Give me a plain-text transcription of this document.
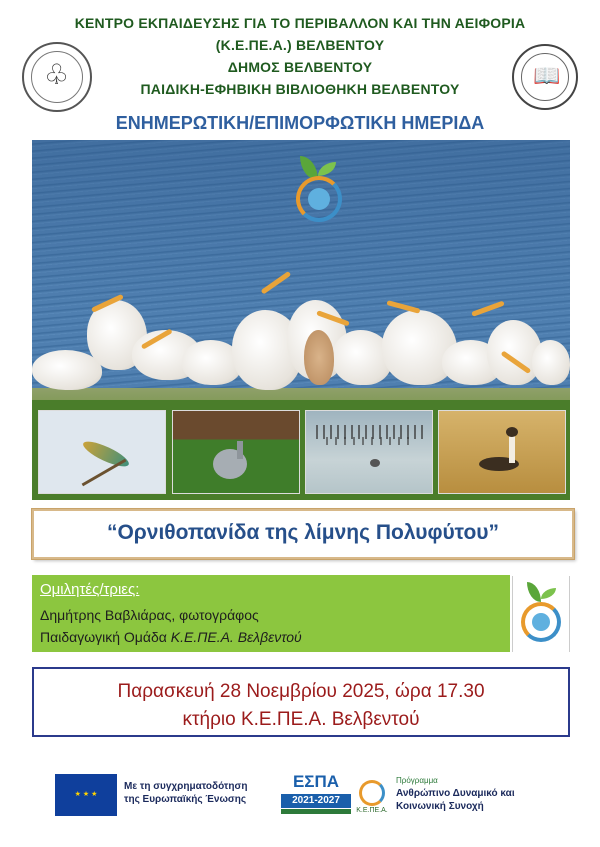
♧	📖
ΚΕΝΤΡΟ ΕΚΠΑΙΔΕΥΣΗΣ ΓΙΑ ΤΟ ΠΕΡΙΒΑΛΛΟΝ ΚΑΙ ΤΗΝ ΑΕΙΦΟΡΙΑ
(Κ.Ε.ΠΕ.Α.) ΒΕΛΒΕΝΤΟΥ
ΔΗΜΟΣ ΒΕΛΒΕΝΤΟΥ
ΠΑΙΔΙΚΗ-ΕΦΗΒΙΚΗ ΒΙΒΛΙΟΘΗΚΗ ΒΕΛΒΕΝΤΟΥ
ΕΝΗΜΕΡΩΤΙΚΗ/ΕΠΙΜΟΡΦΩΤΙΚΗ ΗΜΕΡΙΔΑ
“Ορνιθοπανίδα της λίμνης Πολυφύτου”
Ομιλητές/τριες:
Δημήτρης Βαβλιάρας, φωτογράφος
Παιδαγωγική Ομάδα Κ.Ε.ΠΕ.Α. Βελβεντού
Παρασκευή 28 Νοεμβρίου 2025, ώρα 17.30
κτήριο Κ.Ε.ΠΕ.Α. Βελβεντού
★ ★ ★

Με τη συγχρηματοδότηση
της Ευρωπαϊκής Ένωσης
ΕΣΠΑ
2021-2027
Κ.Ε.ΠΕ.Α.
Πρόγραμμα
Ανθρώπινο Δυναμικό και
Κοινωνική Συνοχή
